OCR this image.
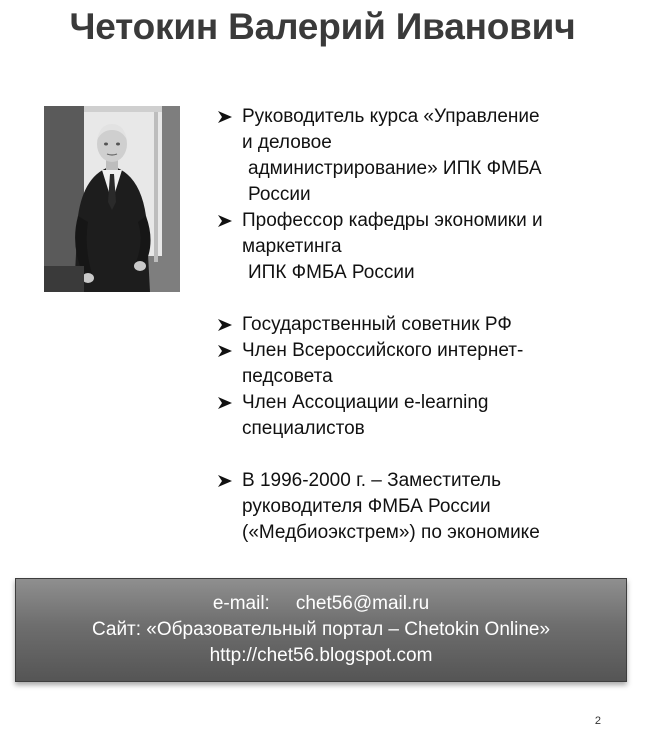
Четокин Валерий Иванович
Руководитель курса «Управление
и деловое
администрирование» ИПК ФМБА
России
Профессор кафедры экономики и
маркетинга
ИПК ФМБА России
Государственный советник РФ
Член Всероссийского интернет-
педсовета
Член Ассоциации e-learning
специалистов
В 1996-2000 г. – Заместитель
руководителя ФМБА России
(«Медбиоэкстрем») по экономике
e-mail: chet56@mail.ru
Сайт: «Образовательный портал – Chetokin Online»
http://chet56.blogspot.com
2
